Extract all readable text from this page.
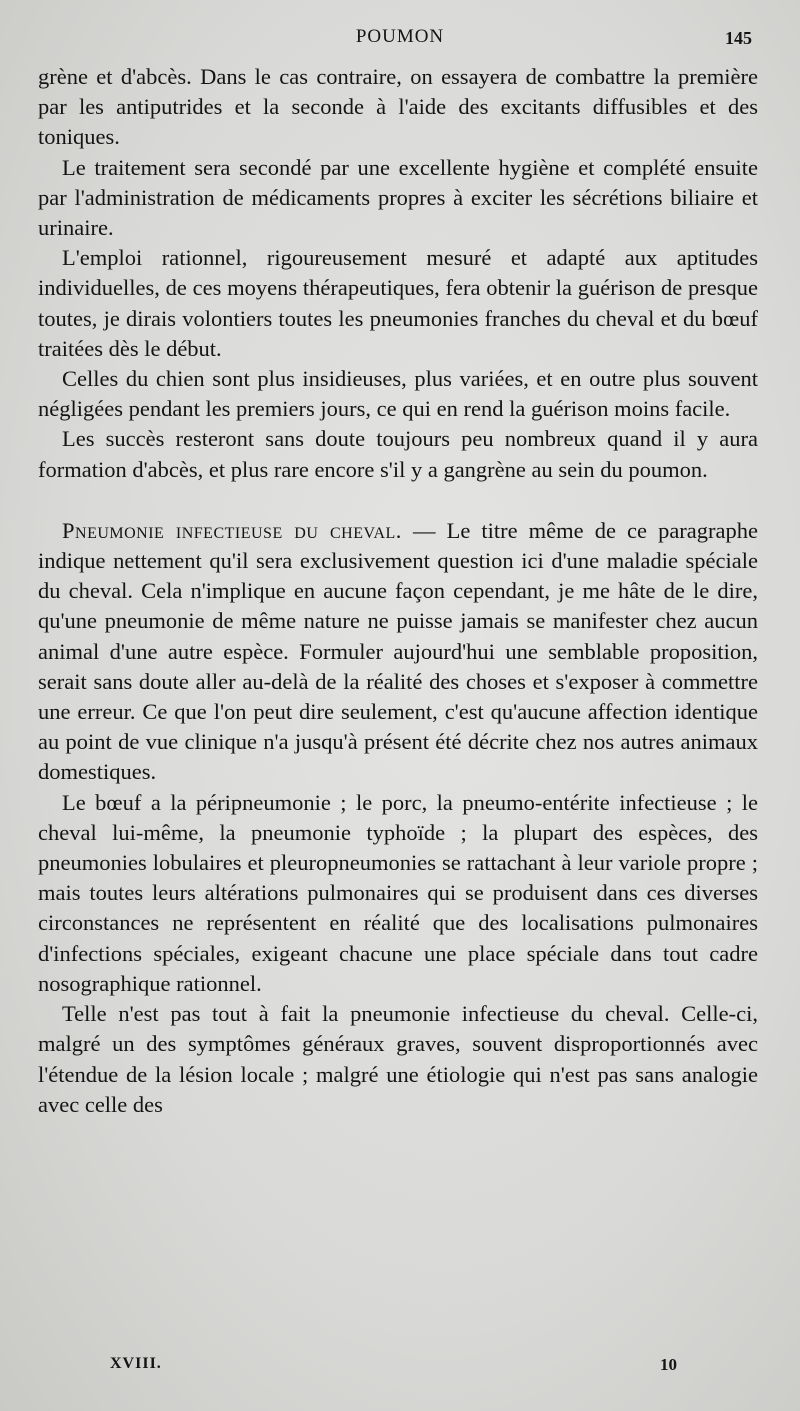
POUMON	145

grène et d'abcès. Dans le cas contraire, on essayera de combattre la première par les antiputrides et la seconde à l'aide des excitants diffusibles et des toniques.

Le traitement sera secondé par une excellente hygiène et complété ensuite par l'administration de médicaments propres à exciter les sécrétions biliaire et urinaire.

L'emploi rationnel, rigoureusement mesuré et adapté aux aptitudes individuelles, de ces moyens thérapeutiques, fera obtenir la guérison de presque toutes, je dirais volontiers toutes les pneumonies franches du cheval et du bœuf traitées dès le début.

Celles du chien sont plus insidieuses, plus variées, et en outre plus souvent négligées pendant les premiers jours, ce qui en rend la guérison moins facile.

Les succès resteront sans doute toujours peu nombreux quand il y aura formation d'abcès, et plus rare encore s'il y a gangrène au sein du poumon.

Pneumonie infectieuse du cheval. — Le titre même de ce paragraphe indique nettement qu'il sera exclusivement question ici d'une maladie spéciale du cheval. Cela n'implique en aucune façon cependant, je me hâte de le dire, qu'une pneumonie de même nature ne puisse jamais se manifester chez aucun animal d'une autre espèce. Formuler aujourd'hui une semblable proposition, serait sans doute aller au-delà de la réalité des choses et s'exposer à commettre une erreur. Ce que l'on peut dire seulement, c'est qu'aucune affection identique au point de vue clinique n'a jusqu'à présent été décrite chez nos autres animaux domestiques.

Le bœuf a la péripneumonie ; le porc, la pneumo-entérite infectieuse ; le cheval lui-même, la pneumonie typhoïde ; la plupart des espèces, des pneumonies lobulaires et pleuropneumonies se rattachant à leur variole propre ; mais toutes leurs altérations pulmonaires qui se produisent dans ces diverses circonstances ne représentent en réalité que des localisations pulmonaires d'infections spéciales, exigeant chacune une place spéciale dans tout cadre nosographique rationnel.

Telle n'est pas tout à fait la pneumonie infectieuse du cheval. Celle-ci, malgré un des symptômes généraux graves, souvent disproportionnés avec l'étendue de la lésion locale ; malgré une étiologie qui n'est pas sans analogie avec celle des

XVIII.	10
